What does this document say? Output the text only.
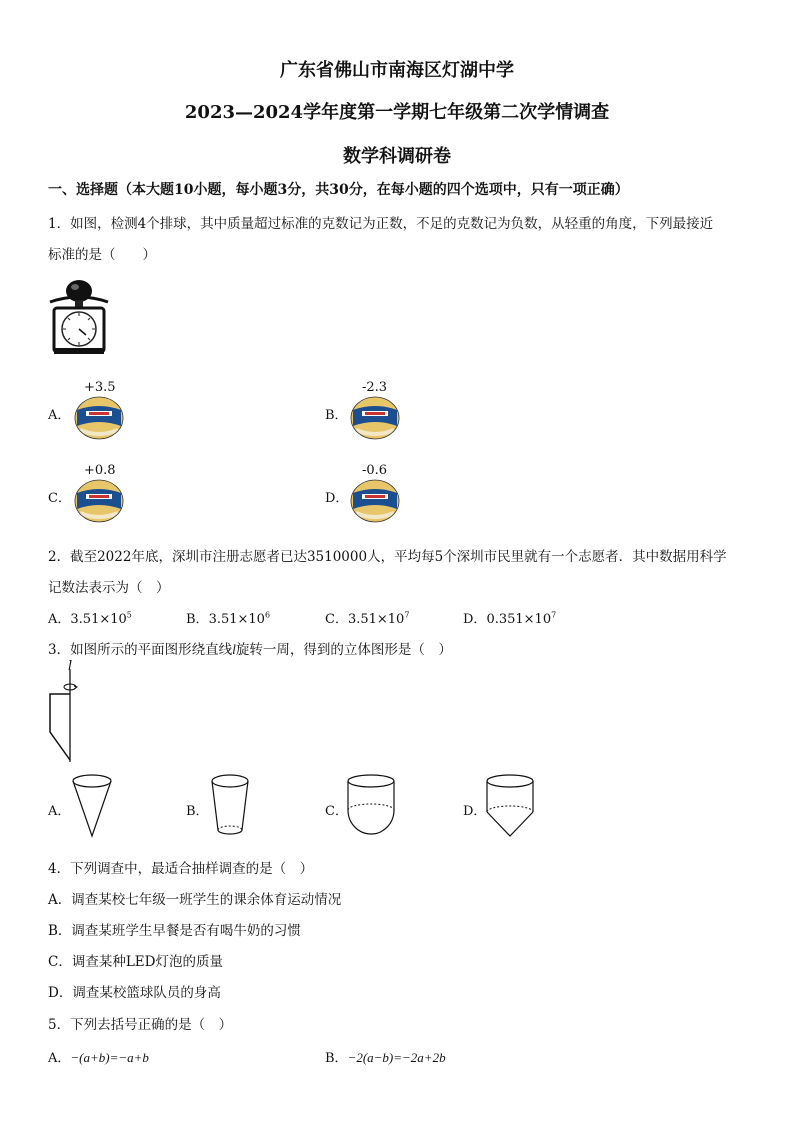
广东省佛山市南海区灯湖中学
2023—2024学年度第一学期七年级第二次学情调查
数学科调研卷
一、选择题（本大题10小题，每小题3分，共30分，在每小题的四个选项中，只有一项正确）
1．如图，检测4个排球，其中质量超过标准的克数记为正数，不足的克数记为负数，从轻重的角度，下列最接近
标准的是（　　）
A．
+3.5
B．
-2.3
C．
+0.8
D．
-0.6
2．截至2022年底，深圳市注册志愿者已达3510000人，平均每5个深圳市民里就有一个志愿者．其中数据用科学
记数法表示为（　）
A．$3.51\times 10^5$	B．$3.51\times 10^6$	C．$3.51\times 10^7$	D．$0.351\times 10^7$
3．如图所示的平面图形绕直线l旋转一周，得到的立体图形是（　）
l
A．	B．	C．	D．
4．下列调查中，最适合抽样调查的是（　）
A．调查某校七年级一班学生的课余体育运动情况
B．调查某班学生早餐是否有喝牛奶的习惯
C．调查某种LED灯泡的质量
D．调查某校篮球队员的身高
5．下列去括号正确的是（　）
A．−(a+b)=−a+b	B．−2(a−b)=−2a+2b
